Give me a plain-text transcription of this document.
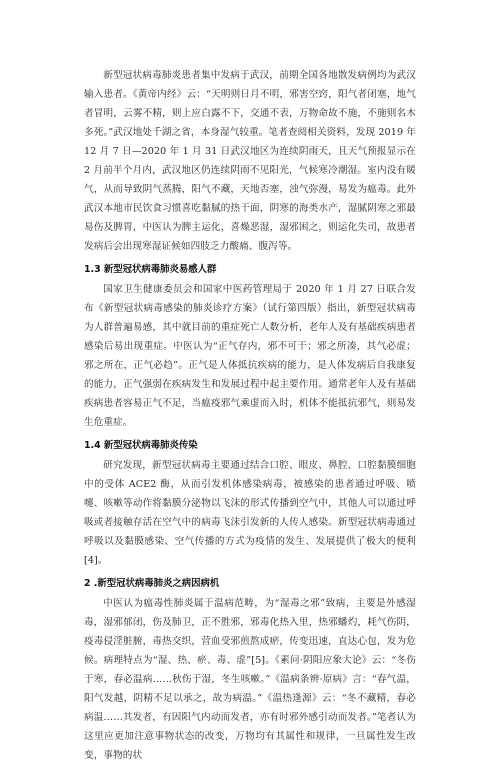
新型冠状病毒肺炎患者集中发病于武汉，前期全国各地散发病例均为武汉输入患者。《黄帝内经》云：“天明则日月不明，邪害空窍，阳气者闭塞，地气者冒明，云雾不精，则上应白露不下，交通不表，万物命故不施，不施则名木多死。”武汉地处千湖之省，本身湿气较重。笔者查阅相关资料，发现 2019 年 12 月 7 日—2020 年 1 月 31 日武汉地区为连续阴雨天，且天气预报显示在 2 月前半个月内，武汉地区仍连续阴雨不见阳光，气候寒冷潮湿。室内没有暖气，从而导致阴气蒸腾，阳气不藏，天地否塞，浊气弥漫，易发为瘟毒。此外武汉本地市民饮食习惯喜吃黏腻的热干面，阴寒的海类水产，湿腻阴寒之邪最易伤及脾胃，中医认为脾主运化，喜燥恶湿，湿邪困之，则运化失司，故患者发病后会出现寒湿证候如四肢乏力酸痛、腹泻等。

1.3 新型冠状病毒肺炎易感人群

国家卫生健康委员会和国家中医药管理局于 2020 年 1 月 27 日联合发布《新型冠状病毒感染的肺炎诊疗方案》（试行第四版）指出，新型冠状病毒为人群普遍易感，其中就目前的重症死亡人数分析，老年人及有基础疾病患者感染后易出现重症。中医认为“正气存内，邪不可干；邪之所凑，其气必虚；邪之所在，正气必趋”。正气是人体抵抗疾病的能力，是人体发病后自我康复的能力，正气强弱在疾病发生和发展过程中起主要作用。通常老年人及有基础疾病患者容易正气不足，当瘟疫邪气乘虚而入时，机体不能抵抗邪气，则易发生危重症。

1.4 新型冠状病毒肺炎传染

研究发现，新型冠状病毒主要通过结合口腔、眼皮、鼻腔、口腔黏膜细胞中的受体 ACE2 酶，从而引发机体感染病毒，被感染的患者通过呼吸、喷嚏、咳嗽等动作将黏膜分泌物以飞沫的形式传播到空气中，其他人可以通过呼吸或者接触存活在空气中的病毒飞沫引发新的人传人感染。新型冠状病毒通过呼吸以及黏膜感染、空气传播的方式为疫情的发生、发展提供了极大的便利[4]。

2 .新型冠状病毒肺炎之病因病机

中医认为瘟毒性肺炎属于温病范畴，为“湿毒之邪”致病，主要是外感湿毒，湿邪郁闭，伤及肺卫，正不胜邪，邪毒化热入里，热邪蟠灼，耗气伤阴，疫毒侵淫脏腑，毒热交织，营血受邪煎熬成瘀，传变迅速，直达心包，发为危候。病理特点为“湿、热、瘀、毒、虚”[5]。《素问·阴阳应象大论》云：“冬伤于寒，春必温病……秋伤于湿，冬生咳嗽。”《温病条辨·原病》言：“春气温，阳气发越，阴精不足以承之，故为病温。”《温热逢源》云：“冬不藏精，春必病温……其发者，有因阳气内动而发者，亦有时邪外感引动而发者。”笔者认为这里应更加注意事物状态的改变，万物均有其属性和规律，一旦属性发生改变，事物的状
